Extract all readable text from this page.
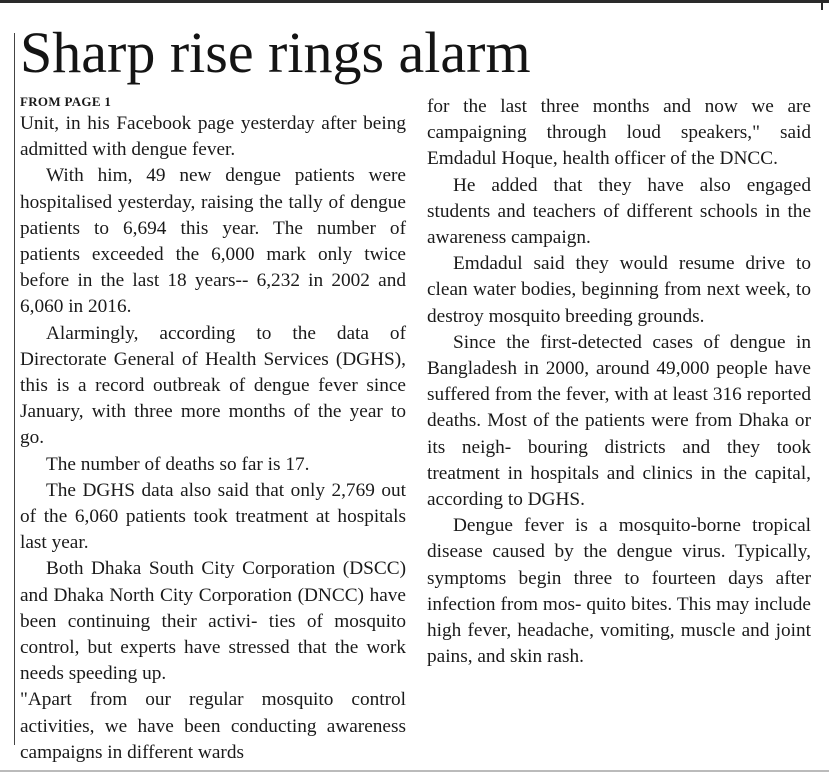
Sharp rise rings alarm
FROM PAGE 1

Unit, in his Facebook page yesterday after being admitted with dengue fever.

With him, 49 new dengue patients were hospitalised yesterday, raising the tally of dengue patients to 6,694 this year. The number of patients exceeded the 6,000 mark only twice before in the last 18 years-- 6,232 in 2002 and 6,060 in 2016.

Alarmingly, according to the data of Directorate General of Health Services (DGHS), this is a record outbreak of dengue fever since January, with three more months of the year to go.

The number of deaths so far is 17.

The DGHS data also said that only 2,769 out of the 6,060 patients took treatment at hospitals last year.

Both Dhaka South City Corporation (DSCC) and Dhaka North City Corporation (DNCC) have been continuing their activi- ties of mosquito control, but experts have stressed that the work needs speeding up.

"Apart from our regular mosquito control activities, we have been conducting awareness campaigns in different wards

for the last three months and now we are campaigning through loud speakers," said Emdadul Hoque, health officer of the DNCC.

He added that they have also engaged students and teachers of different schools in the awareness campaign.

Emdadul said they would resume drive to clean water bodies, beginning from next week, to destroy mosquito breeding grounds.

Since the first-detected cases of dengue in Bangladesh in 2000, around 49,000 people have suffered from the fever, with at least 316 reported deaths. Most of the patients were from Dhaka or its neigh- bouring districts and they took treatment in hospitals and clinics in the capital, according to DGHS.

Dengue fever is a mosquito-borne tropical disease caused by the dengue virus. Typically, symptoms begin three to fourteen days after infection from mos- quito bites. This may include high fever, headache, vomiting, muscle and joint pains, and skin rash.
